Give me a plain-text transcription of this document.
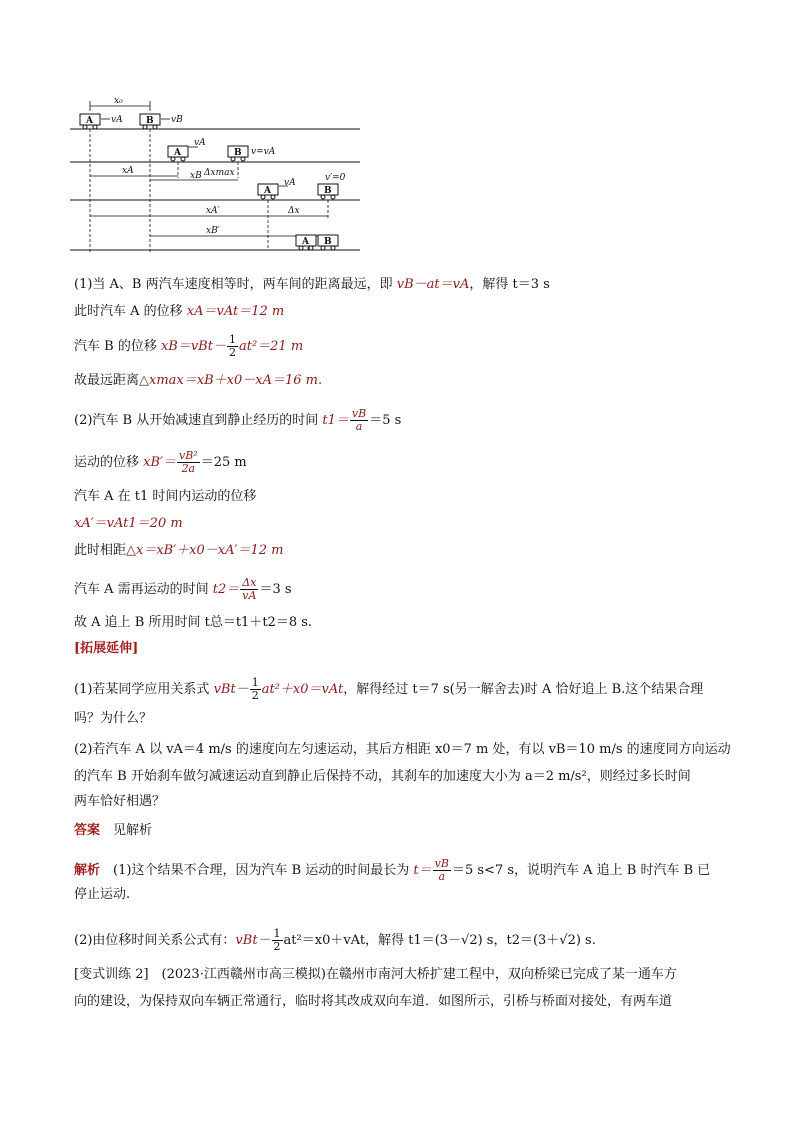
x₀
A vA	B vB
A
vA
B v=vA
xA	xB Δxmax
A
vA
B
v′=0
xA′	Δx
xB′
A B
(1)当 A、B 两汽车速度相等时，两车间的距离最远，即 vB－at＝vA，解得 t＝3 s
此时汽车 A 的位移 xA＝vAt＝12 m
汽车 B 的位移 $xB=vBt- \frac{1}{2} at^2=21$ m
故最远距离△xmax＝xB＋x0－xA＝16 m.
(2)汽车 B 从开始减速直到静止经历的时间 $t1= \frac{vB}{a} =5$ s
运动的位移 $xB'= \frac{\text{vB²}}{2a} =25$ m
汽车 A 在 t1 时间内运动的位移
xA′＝vAt1＝20 m
此时相距△x＝xB′＋x0－xA′＝12 m
汽车 A 需再运动的时间 $t2= \frac{\Delta x}{vA} =3$ s
故 A 追上 B 所用时间 t总＝t1＋t2＝8 s.
[拓展延伸]
(1)若某同学应用关系式 $vBt- \frac{1}{2} at^2+x0=vAt$，解得经过 t＝7 s(另一解舍去)时 A 恰好追上 B.这个结果合理
吗？为什么？
(2)若汽车 A 以 vA＝4 m/s 的速度向左匀速运动，其后方相距 x0＝7 m 处，有以 vB＝10 m/s 的速度同方向运动
的汽车 B 开始刹车做匀减速运动直到静止后保持不动，其刹车的加速度大小为 a＝2 m/s²，则经过多长时间
两车恰好相遇？
答案　 见解析
解析　 (1)这个结果不合理，因为汽车 B 运动的时间最长为 $t= \frac{vB}{a} =5$ s<7 s，说明汽车 A 追上 B 时汽车 B 已
停止运动.
(2)由位移时间关系公式有：$vBt- \frac{1}{2} at^2=x0+vAt$，解得 t1＝(3－√2) s，t2＝(3＋√2) s.
[变式训练 2]　(2023·江西赣州市高三模拟)在赣州市南河大桥扩建工程中，双向桥梁已完成了某一通车方
向的建设，为保持双向车辆正常通行，临时将其改成双向车道．如图所示，引桥与桥面对接处，有两车道
